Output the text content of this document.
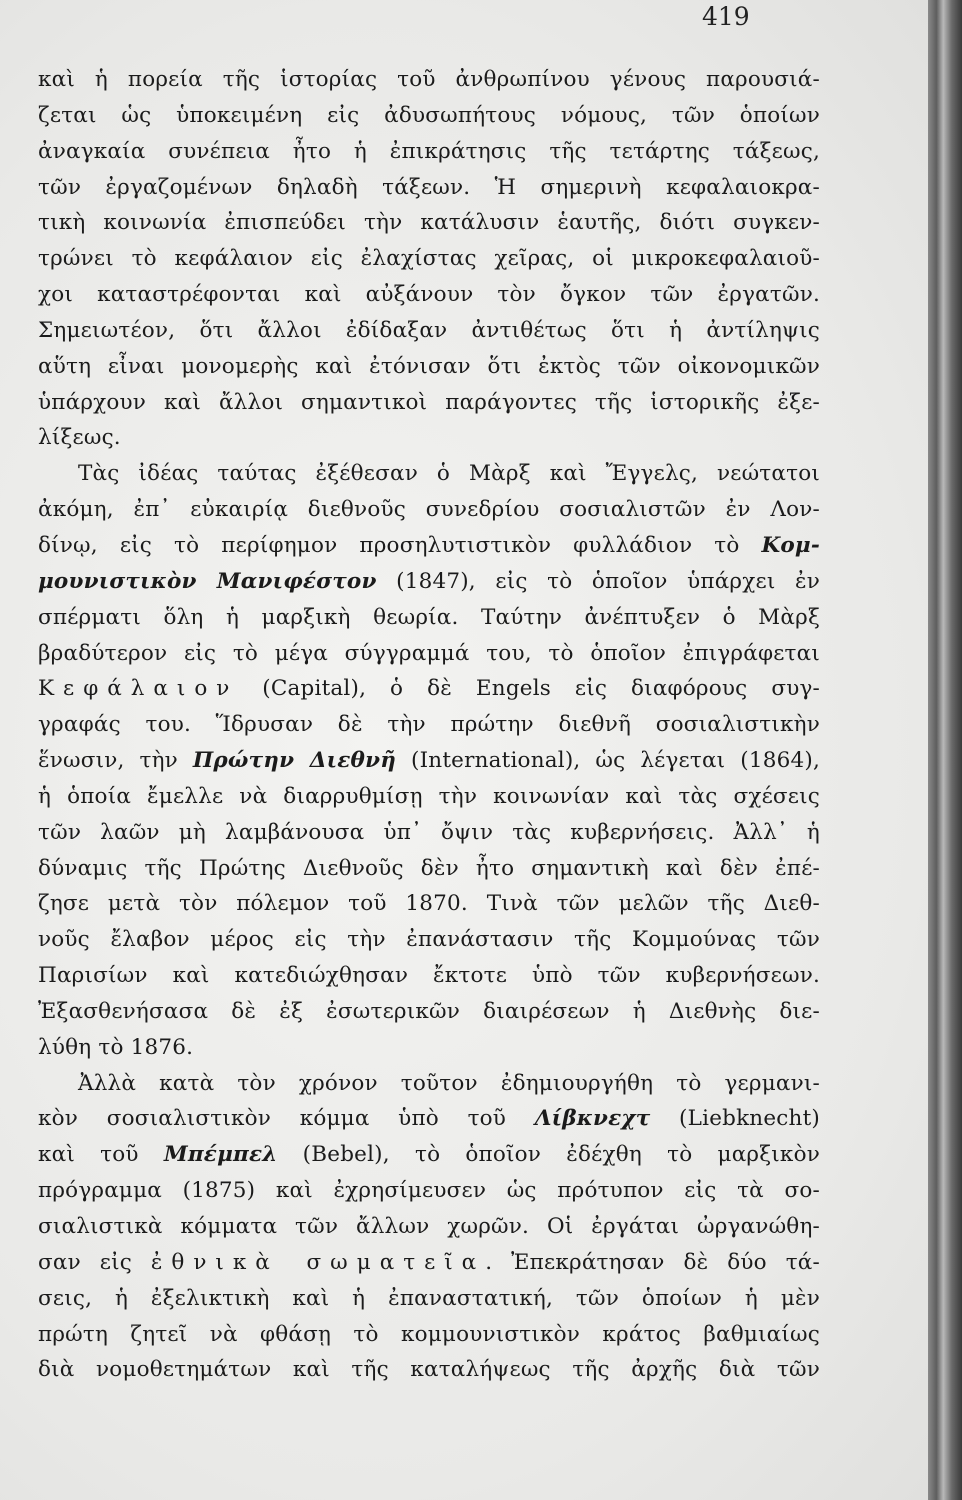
419
καὶ ἡ πορεία τῆς ἱστορίας τοῦ ἀνθρωπίνου γένους παρουσιά-
ζεται ὡς ὑποκειμένη εἰς ἀδυσωπήτους νόμους, τῶν ὁποίων
ἀναγκαία συνέπεια ἦτο ἡ ἐπικράτησις τῆς τετάρτης τάξεως,
τῶν ἐργαζομένων δηλαδὴ τάξεων. Ἡ σημερινὴ κεφαλαιοκρα-
τικὴ κοινωνία ἐπισπεύδει τὴν κατάλυσιν ἑαυτῆς, διότι συγκεν-
τρώνει τὸ κεφάλαιον εἰς ἐλαχίστας χεῖρας, οἱ μικροκεφαλαιοῦ-
χοι καταστρέφονται καὶ αὐξάνουν τὸν ὄγκον τῶν ἐργατῶν.
Σημειωτέον, ὅτι ἄλλοι ἐδίδαξαν ἀντιθέτως ὅτι ἡ ἀντίληψις
αὕτη εἶναι μονομερὴς καὶ ἐτόνισαν ὅτι ἐκτὸς τῶν οἰκονομικῶν
ὑπάρχουν καὶ ἄλλοι σημαντικοὶ παράγοντες τῆς ἱστορικῆς ἐξε-
λίξεως.
Τὰς ἰδέας ταύτας ἐξέθεσαν ὁ Μὰρξ καὶ Ἔγγελς, νεώτατοι
ἀκόμη, ἐπ᾿ εὐκαιρίᾳ διεθνοῦς συνεδρίου σοσιαλιστῶν ἐν Λον-
δίνῳ, εἰς τὸ περίφημον προσηλυτιστικὸν φυλλάδιον τὸ Κομ-
μουνιστικὸν Μανιφέστον (1847), εἰς τὸ ὁποῖον ὑπάρχει ἐν
σπέρματι ὅλη ἡ μαρξικὴ θεωρία. Ταύτην ἀνέπτυξεν ὁ Μὰρξ
βραδύτερον εἰς τὸ μέγα σύγγραμμά του, τὸ ὁποῖον ἐπιγράφεται
Κεφάλαιον (Capital), ὁ δὲ Engels εἰς διαφόρους συγ-
γραφάς του. Ἵδρυσαν δὲ τὴν πρώτην διεθνῆ σοσιαλιστικὴν
ἕνωσιν, τὴν Πρώτην Διεθνῆ (International), ὡς λέγεται (1864),
ἡ ὁποία ἔμελλε νὰ διαρρυθμίσῃ τὴν κοινωνίαν καὶ τὰς σχέσεις
τῶν λαῶν μὴ λαμβάνουσα ὑπ᾿ ὄψιν τὰς κυβερνήσεις. Ἀλλ᾿ ἡ
δύναμις τῆς Πρώτης Διεθνοῦς δὲν ἦτο σημαντικὴ καὶ δὲν ἐπέ-
ζησε μετὰ τὸν πόλεμον τοῦ 1870. Τινὰ τῶν μελῶν τῆς Διεθ-
νοῦς ἔλαβον μέρος εἰς τὴν ἐπανάστασιν τῆς Κομμούνας τῶν
Παρισίων καὶ κατεδιώχθησαν ἔκτοτε ὑπὸ τῶν κυβερνήσεων.
Ἐξασθενήσασα δὲ ἐξ ἐσωτερικῶν διαιρέσεων ἡ Διεθνὴς διε-
λύθη τὸ 1876.
Ἀλλὰ κατὰ τὸν χρόνον τοῦτον ἐδημιουργήθη τὸ γερμανι-
κὸν σοσιαλιστικὸν κόμμα ὑπὸ τοῦ Λίβκνεχτ (Liebknecht)
καὶ τοῦ Μπέμπελ (Bebel), τὸ ὁποῖον ἐδέχθη τὸ μαρξικὸν
πρόγραμμα (1875) καὶ ἐχρησίμευσεν ὡς πρότυπον εἰς τὰ σο-
σιαλιστικὰ κόμματα τῶν ἄλλων χωρῶν. Οἱ ἐργάται ὠργανώθη-
σαν εἰς ἐθνικὰ σωματεῖα. Ἐπεκράτησαν δὲ δύο τά-
σεις, ἡ ἐξελικτικὴ καὶ ἡ ἐπαναστατική, τῶν ὁποίων ἡ μὲν
πρώτη ζητεῖ νὰ φθάσῃ τὸ κομμουνιστικὸν κράτος βαθμιαίως
διὰ νομοθετημάτων καὶ τῆς καταλήψεως τῆς ἀρχῆς διὰ τῶν
